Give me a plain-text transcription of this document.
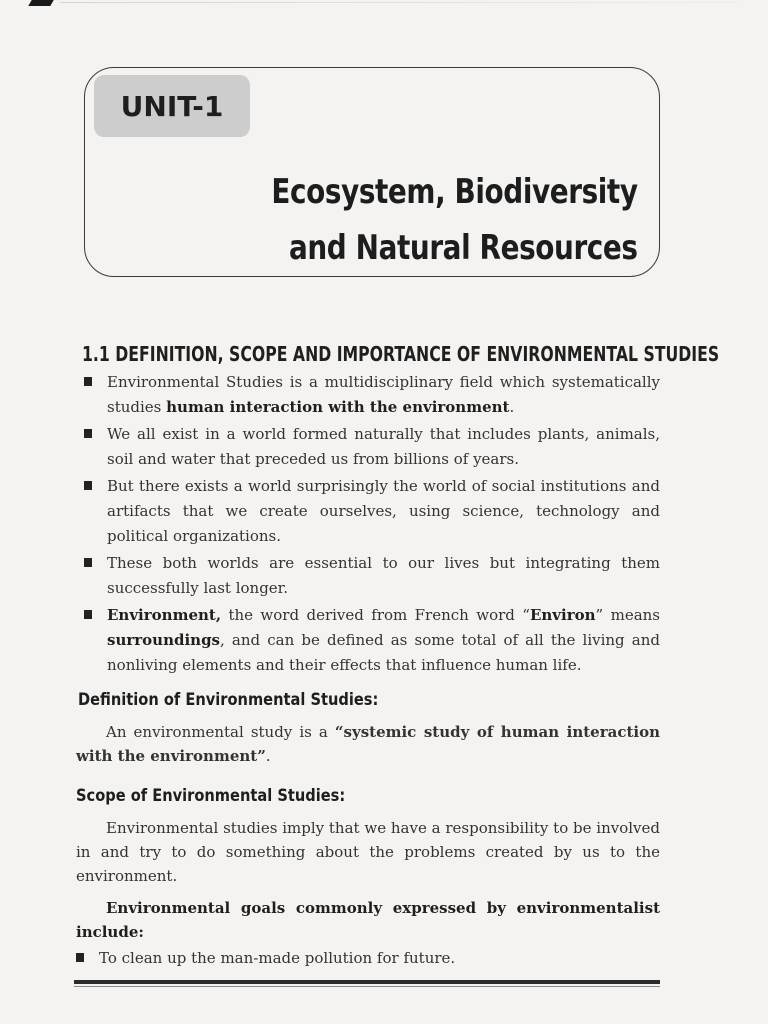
UNIT-1
Ecosystem, Biodiversity
and Natural Resources
1.1 DEFINITION, SCOPE AND IMPORTANCE OF ENVIRONMENTAL STUDIES
Environmental Studies is a multidisciplinary field which systematically studies human interaction with the environment.
We all exist in a world formed naturally that includes plants, animals, soil and water that preceded us from billions of years.
But there exists a world surprisingly the world of social institutions and artifacts that we create ourselves, using science, technology and political organizations.
These both worlds are essential to our lives but integrating them successfully last longer.
Environment, the word derived from French word “Environ” means surroundings, and can be defined as some total of all the living and nonliving elements and their effects that influence human life.
Definition of Environmental Studies:
An environmental study is a “systemic study of human interaction with the environment”.
Scope of Environmental Studies:
Environmental studies imply that we have a responsibility to be involved in and try to do something about the problems created by us to the environment.
Environmental goals commonly expressed by environmentalist include:
To clean up the man-made pollution for future.
